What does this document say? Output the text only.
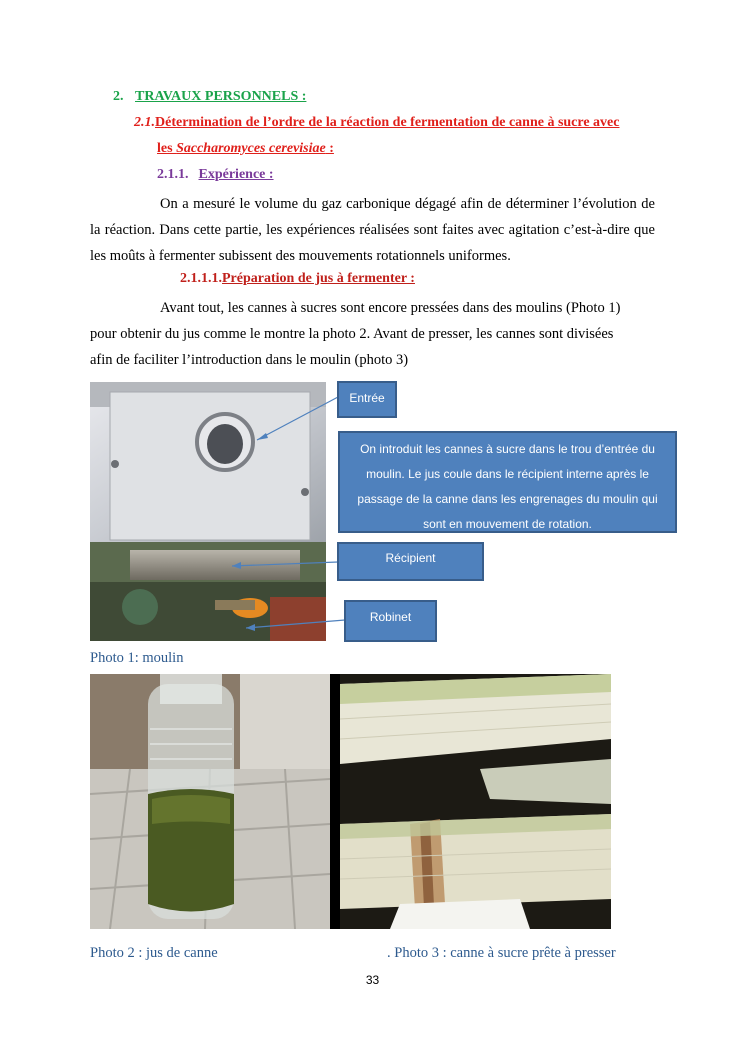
2. TRAVAUX PERSONNELS :
2.1.Détermination de l’ordre de la réaction de fermentation de canne à sucre avec
les Saccharomyces cerevisiae :
2.1.1. Expérience :
On a mesuré le volume du gaz carbonique dégagé afin de déterminer l’évolution de la réaction. Dans cette partie, les expériences réalisées sont faites avec agitation c’est-à-dire que les moûts à fermenter subissent des mouvements rotationnels uniformes.
2.1.1.1.Préparation de jus à fermenter :
Avant tout, les cannes à sucres sont encore pressées dans des moulins (Photo 1)
pour obtenir du jus comme le montre la photo 2. Avant de presser, les cannes sont divisées
afin de faciliter l’introduction dans le moulin (photo 3)
Entrée
On introduit les cannes à sucre dans le trou d’entrée du
moulin. Le jus coule dans le récipient interne après le
passage de la canne dans les engrenages du moulin qui
sont en mouvement de rotation.
Récipient
Robinet
Photo 1: moulin
Photo 2 : jus de canne	. Photo 3 : canne à sucre prête à presser
33
